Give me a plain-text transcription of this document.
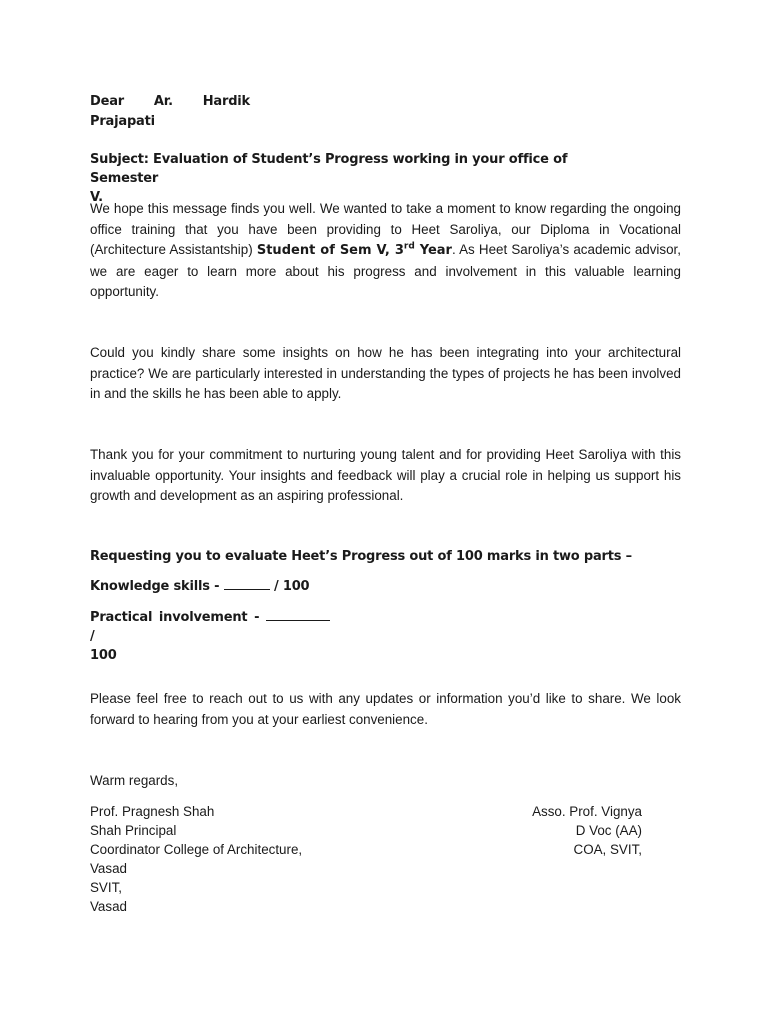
Dear Ar. Hardik
Prajapati
Subject: Evaluation of Student’s Progress working in your office of Semester
V.
We hope this message finds you well. We wanted to take a moment to know regarding the ongoing office training that you have been providing to Heet Saroliya, our Diploma in Vocational (Architecture Assistantship) Student of Sem V, 3rd Year. As Heet Saroliya’s academic advisor, we are eager to learn more about his progress and involvement in this valuable learning opportunity.
Could you kindly share some insights on how he has been integrating into your architectural practice? We are particularly interested in understanding the types of projects he has been involved in and the skills he has been able to apply.
Thank you for your commitment to nurturing young talent and for providing Heet Saroliya with this invaluable opportunity. Your insights and feedback will play a crucial role in helping us support his growth and development as an aspiring professional.
Requesting you to evaluate Heet’s Progress out of 100 marks in two parts –
Knowledge skills -	/ 100
Practical involvement -  /
100
Please feel free to reach out to us with any updates or information you’d like to share. We look forward to hearing from you at your earliest convenience.
Warm regards,
Prof. Pragnesh Shah
Shah Principal
Coordinator College of Architecture,
Vasad
SVIT,
Vasad
Asso. Prof. Vignya
D Voc (AA)
COA, SVIT,
